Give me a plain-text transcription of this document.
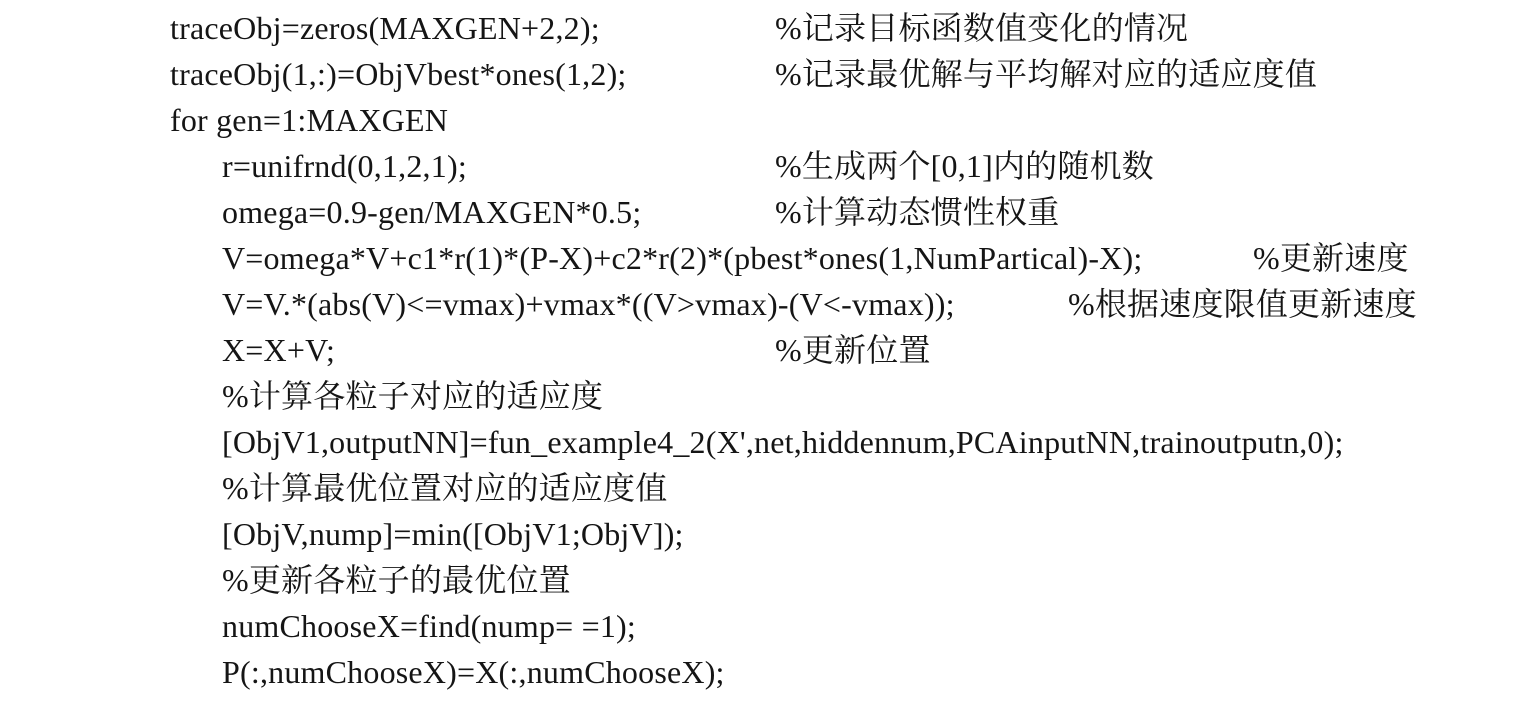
traceObj=zeros(MAXGEN+2,2);	%记录目标函数值变化的情况
traceObj(1,:)=ObjVbest*ones(1,2);	%记录最优解与平均解对应的适应度值
for gen=1:MAXGEN
r=unifrnd(0,1,2,1);	%生成两个[0,1]内的随机数
omega=0.9-gen/MAXGEN*0.5;	%计算动态惯性权重
V=omega*V+c1*r(1)*(P-X)+c2*r(2)*(pbest*ones(1,NumPartical)-X);	%更新速度
V=V.*(abs(V)<=vmax)+vmax*((V>vmax)-(V<-vmax));	%根据速度限值更新速度
X=X+V;	%更新位置
%计算各粒子对应的适应度
[ObjV1,outputNN]=fun_example4_2(X',net,hiddennum,PCAinputNN,trainoutputn,0);
%计算最优位置对应的适应度值
[ObjV,nump]=min([ObjV1;ObjV]);
%更新各粒子的最优位置
numChooseX=find(nump= =1);
P(:,numChooseX)=X(:,numChooseX);
